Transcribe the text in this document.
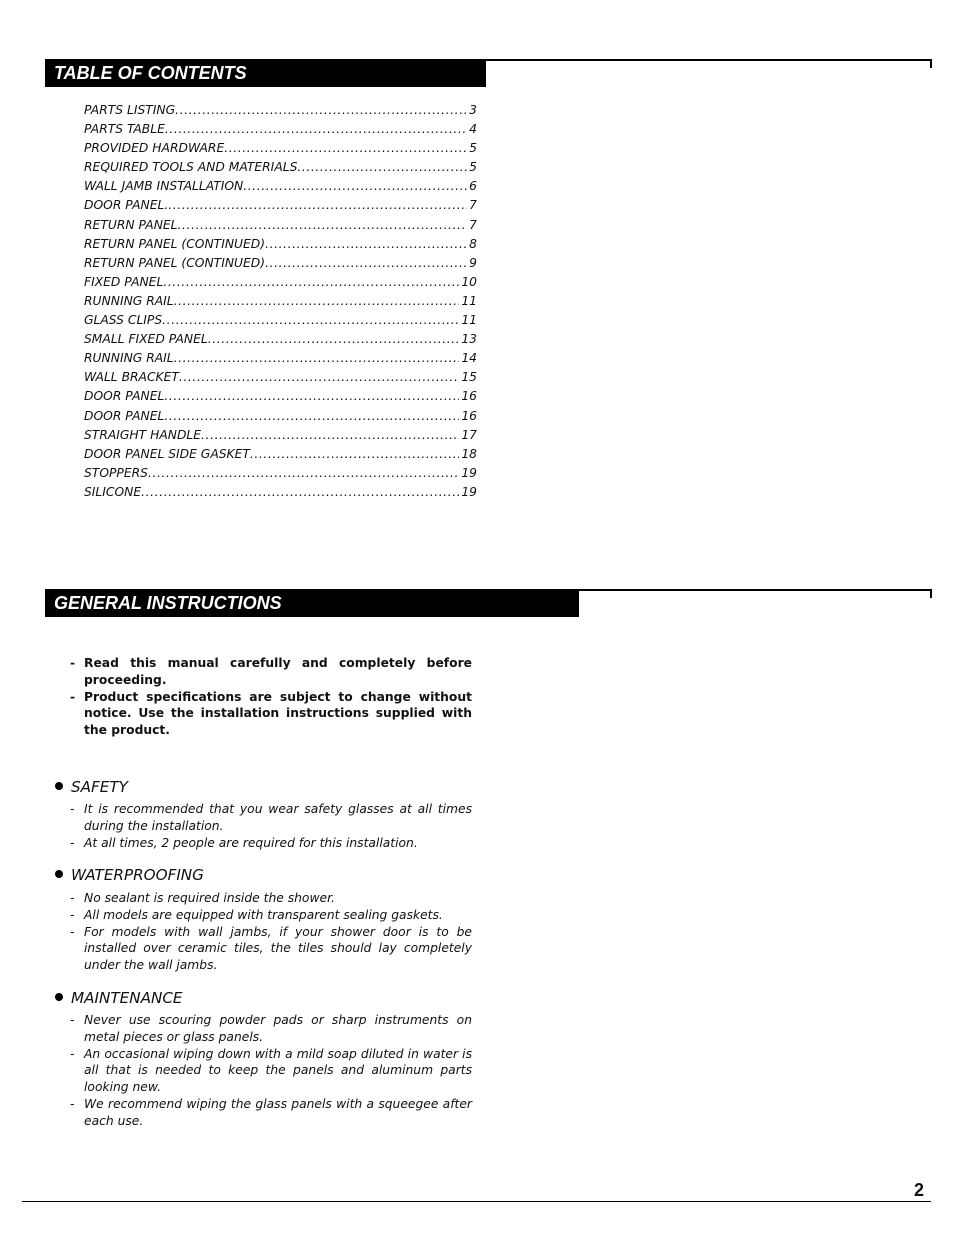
TABLE OF CONTENTS
PARTS LISTING .....	3
PARTS TABLE .....	4
PROVIDED HARDWARE .....	5
REQUIRED TOOLS AND MATERIALS .....	5
WALL JAMB INSTALLATION .....	6
DOOR PANEL. .....	7
RETURN PANEL .....	7
RETURN PANEL (CONTINUED) .....	8
RETURN PANEL (CONTINUED) .....	9
FIXED PANEL .....	10
RUNNING RAIL .....	11
GLASS CLIPS .....	11
SMALL FIXED PANEL .....	13
RUNNING RAIL .....	14
WALL BRACKET .....	15
DOOR PANEL .....	16
DOOR PANEL .....	16
STRAIGHT HANDLE .....	17
DOOR PANEL SIDE GASKET .....	18
STOPPERS .....	19
SILICONE .....	19
GENERAL INSTRUCTIONS
- Read this manual carefully and completely before proceeding.
- Product specifications are subject to change without notice. Use the installation instructions supplied with the product.
SAFETY
- It is recommended that you wear safety glasses at all times during the installation.
- At all times, 2 people are required for this installation.
WATERPROOFING
- No sealant is required inside the shower.
- All models are equipped with transparent sealing gaskets.
- For models with wall jambs, if your shower door is to be installed over ceramic tiles, the tiles should lay completely under the wall jambs.
MAINTENANCE
- Never use scouring powder pads or sharp instruments on metal pieces or glass panels.
- An occasional wiping down with a mild soap diluted in water is all that is needed to keep the panels and aluminum parts looking new.
- We recommend wiping the glass panels with a squeegee after each use.
2
